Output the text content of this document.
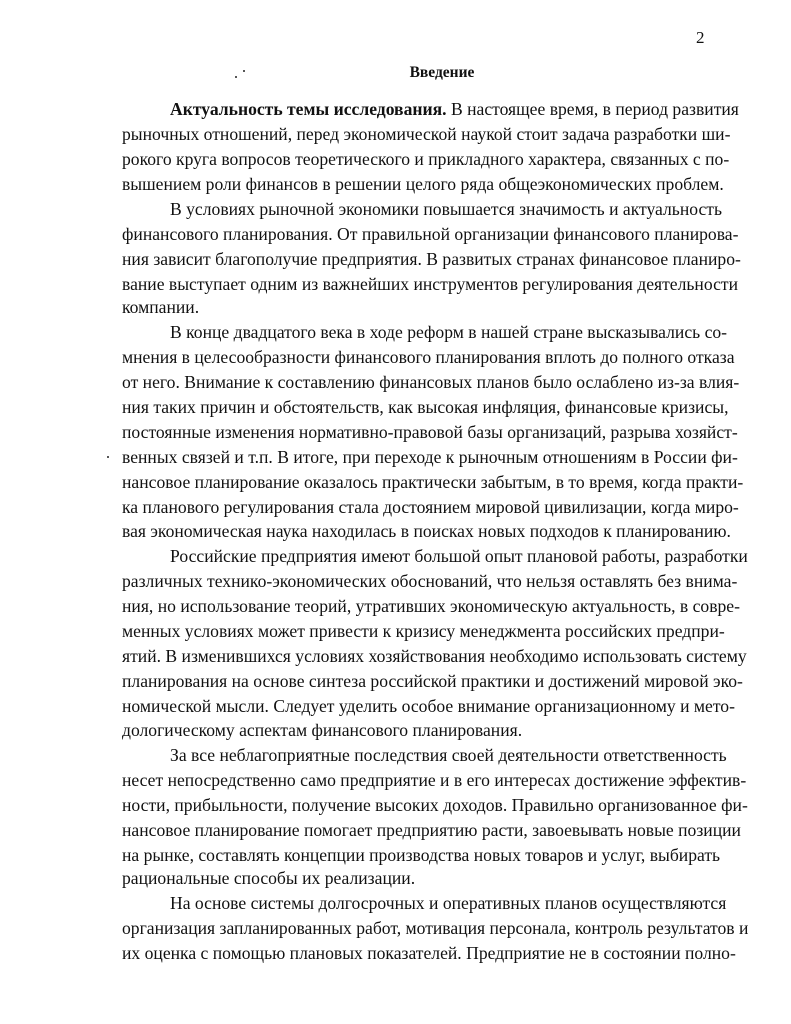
2
Введение
Актуальность темы исследования. В настоящее время, в период развития
рыночных отношений, перед экономической наукой стоит задача разработки ши-
рокого круга вопросов теоретического и прикладного характера, связанных с по-
вышением роли финансов в решении целого ряда общеэкономических проблем.
В условиях рыночной экономики повышается значимость и актуальность
финансового планирования. От правильной организации финансового планирова-
ния зависит благополучие предприятия. В развитых странах финансовое планиро-
вание выступает одним из важнейших инструментов регулирования деятельности
компании.
В конце двадцатого века в ходе реформ в нашей стране высказывались со-
мнения в целесообразности финансового планирования вплоть до полного отказа
от него. Внимание к составлению финансовых планов было ослаблено из-за влия-
ния таких причин и обстоятельств, как высокая инфляция, финансовые кризисы,
постоянные изменения нормативно-правовой базы организаций, разрыва хозяйст-
венных связей и т.п. В итоге, при переходе к рыночным отношениям в России фи-
нансовое планирование оказалось практически забытым, в то время, когда практи-
ка планового регулирования стала достоянием мировой цивилизации, когда миро-
вая экономическая наука находилась в поисках новых подходов к планированию.
Российские предприятия имеют большой опыт плановой работы, разработки
различных технико-экономических обоснований, что нельзя оставлять без внима-
ния, но использование теорий, утративших экономическую актуальность, в совре-
менных условиях может привести к кризису менеджмента российских предпри-
ятий. В изменившихся условиях хозяйствования необходимо использовать систему
планирования на основе синтеза российской практики и достижений мировой эко-
номической мысли. Следует уделить особое внимание организационному и мето-
дологическому аспектам финансового планирования.
За все неблагоприятные последствия своей деятельности ответственность
несет непосредственно само предприятие и в его интересах достижение эффектив-
ности, прибыльности, получение высоких доходов. Правильно организованное фи-
нансовое планирование помогает предприятию расти, завоевывать новые позиции
на рынке, составлять концепции производства новых товаров и услуг, выбирать
рациональные способы их реализации.
На основе системы долгосрочных и оперативных планов осуществляются
организация запланированных работ, мотивация персонала, контроль результатов и
их оценка с помощью плановых показателей. Предприятие не в состоянии полно-
